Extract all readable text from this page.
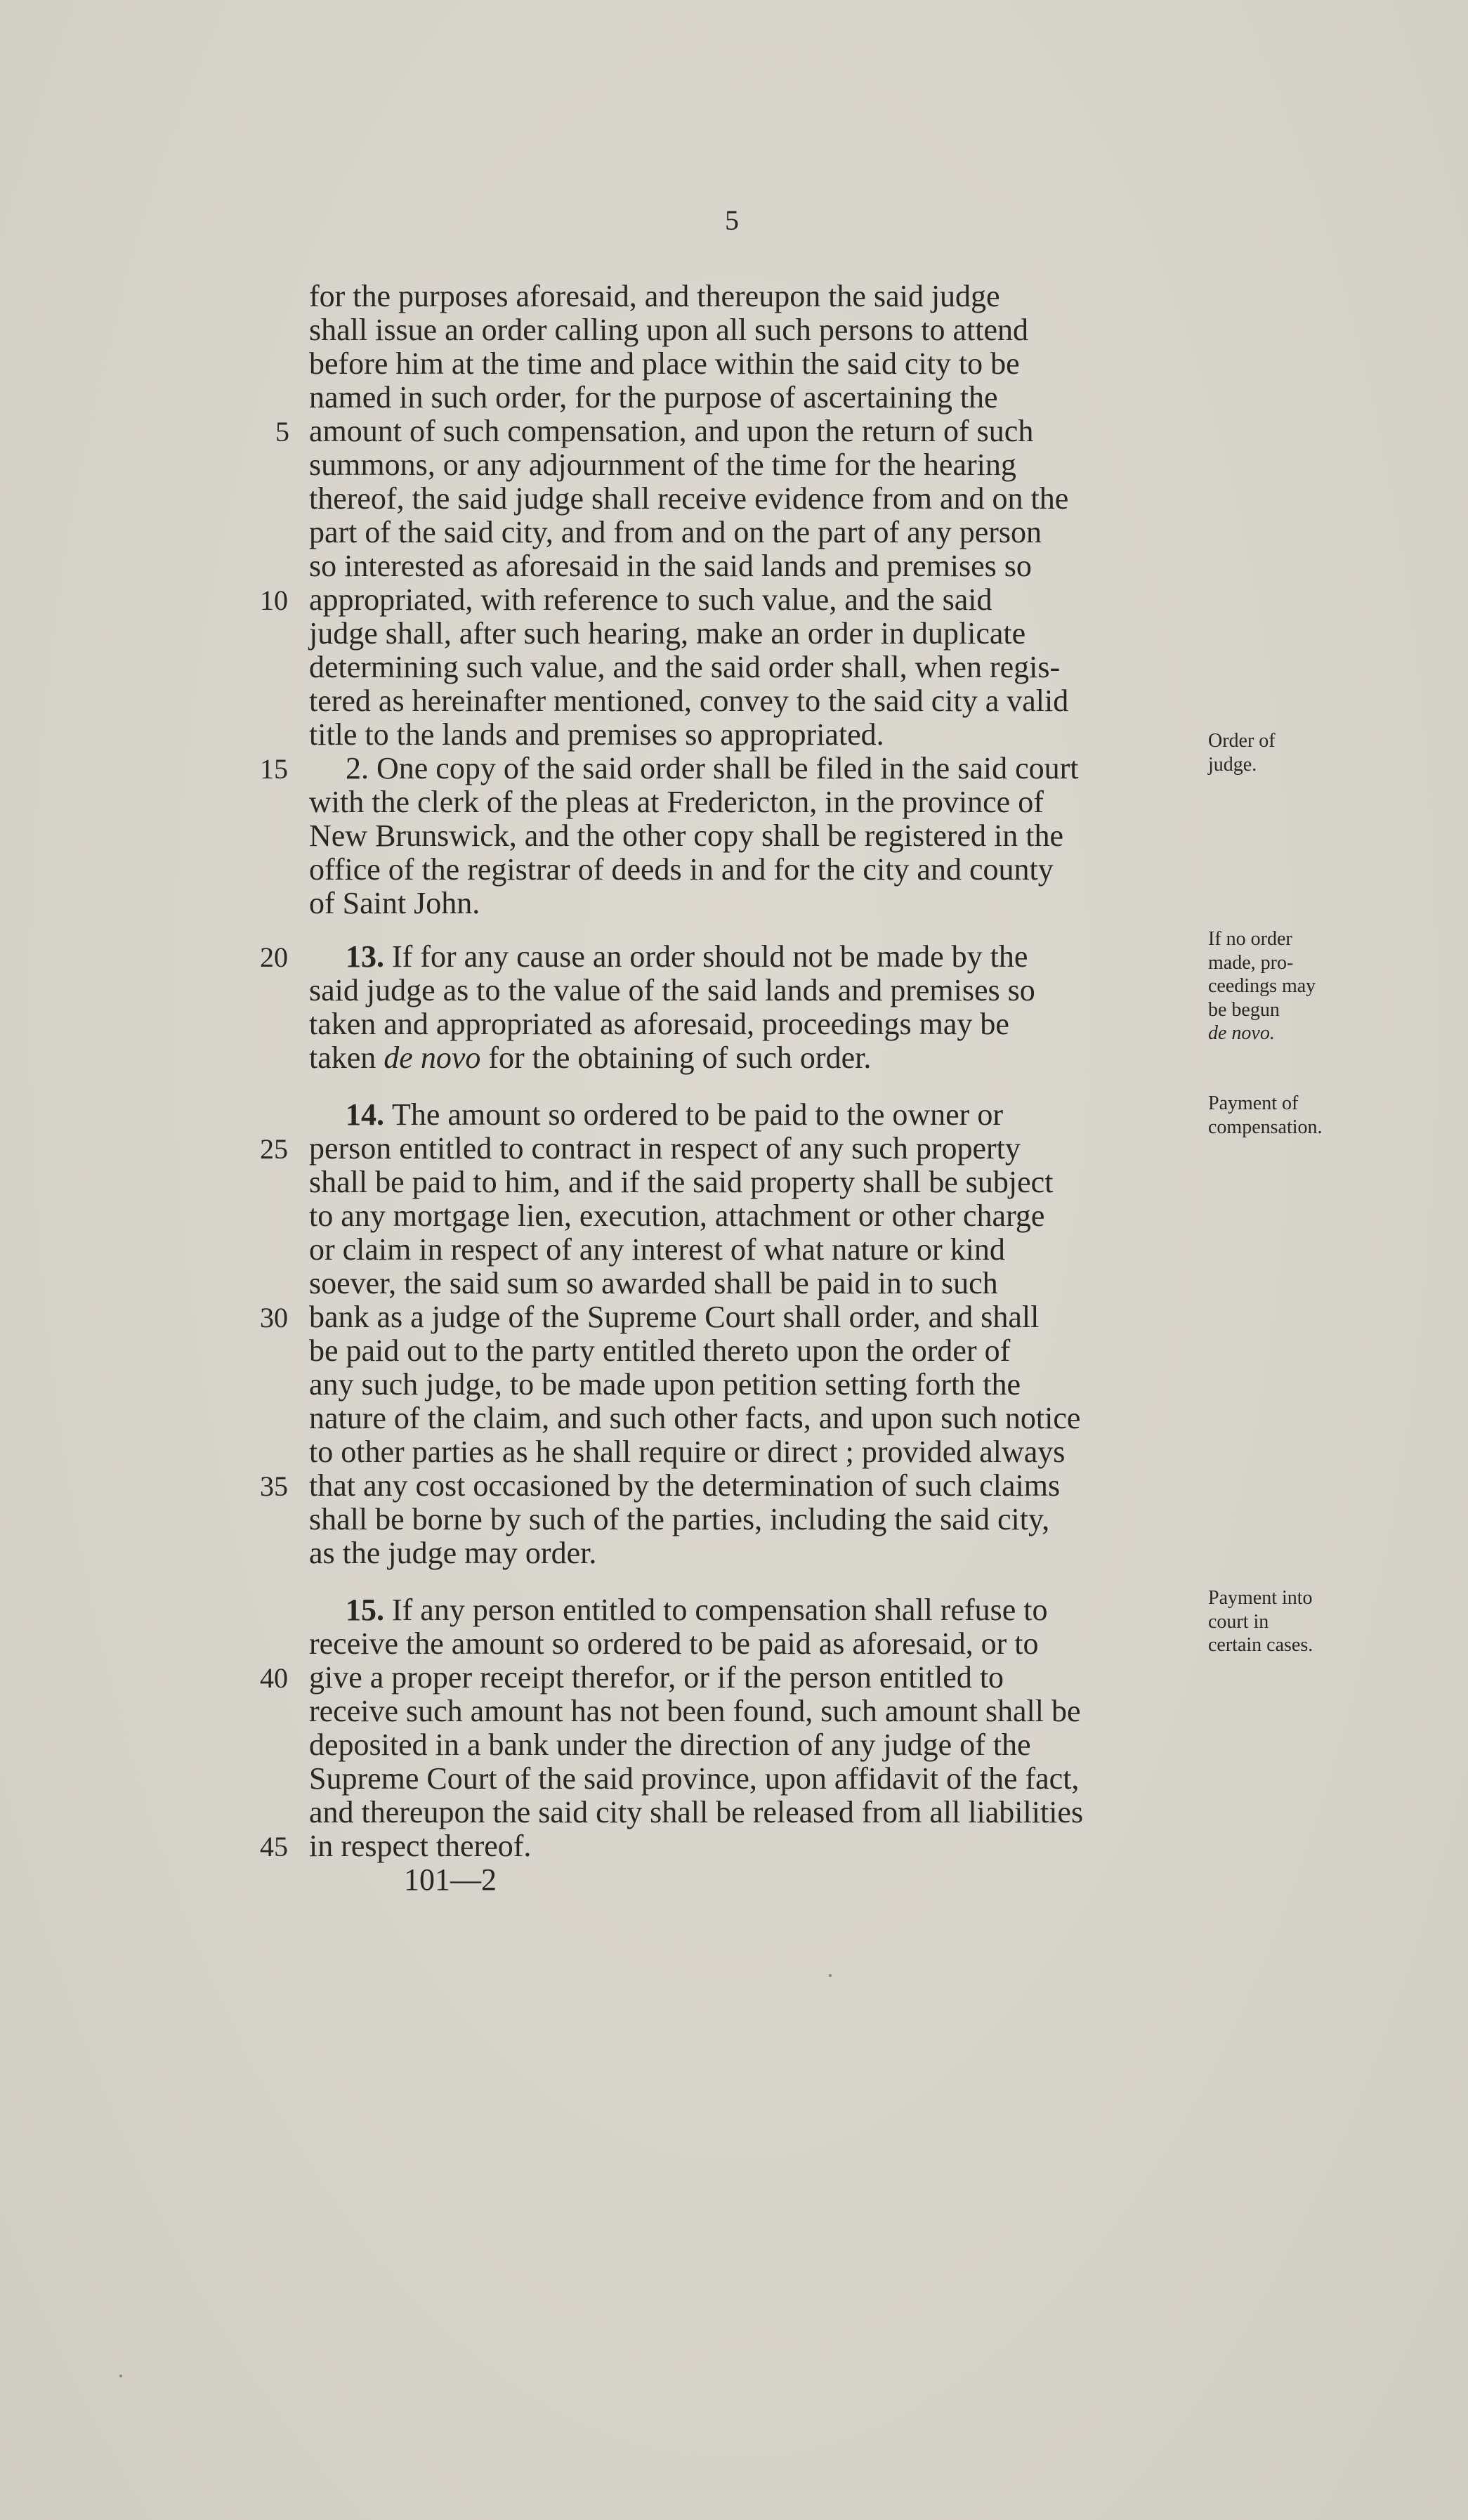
5
for the purposes aforesaid, and thereupon the said judge
shall issue an order calling upon all such persons to attend
before him at the time and place within the said city to be
named in such order, for the purpose of ascertaining the
amount of such compensation, and upon the return of such
5
summons, or any adjournment of the time for the hearing
thereof, the said judge shall receive evidence from and on the
part of the said city, and from and on the part of any person
so interested as aforesaid in the said lands and premises so
appropriated, with reference to such value, and the said
10
judge shall, after such hearing, make an order in duplicate
determining such value, and the said order shall, when regis-
tered as hereinafter mentioned, convey to the said city a valid
title to the lands and premises so appropriated.
2. One copy of the said order shall be filed in the said court
15
with the clerk of the pleas at Fredericton, in the province of
New Brunswick, and the other copy shall be registered in the
office of the registrar of deeds in and for the city and county
of Saint John.
13. If for any cause an order should not be made by the
20
said judge as to the value of the said lands and premises so
taken and appropriated as aforesaid, proceedings may be
taken de novo for the obtaining of such order.
14. The amount so ordered to be paid to the owner or
person entitled to contract in respect of any such property
25
shall be paid to him, and if the said property shall be subject
to any mortgage lien, execution, attachment or other charge
or claim in respect of any interest of what nature or kind
soever, the said sum so awarded shall be paid in to such
bank as a judge of the Supreme Court shall order, and shall
30
be paid out to the party entitled thereto upon the order of
any such judge, to be made upon petition setting forth the
nature of the claim, and such other facts, and upon such notice
to other parties as he shall require or direct ; provided always
that any cost occasioned by the determination of such claims
35
shall be borne by such of the parties, including the said city,
as the judge may order.
15. If any person entitled to compensation shall refuse to
receive the amount so ordered to be paid as aforesaid, or to
give a proper receipt therefor, or if the person entitled to
40
receive such amount has not been found, such amount shall be
deposited in a bank under the direction of any judge of the
Supreme Court of the said province, upon affidavit of the fact,
and thereupon the said city shall be released from all liabilities
in respect thereof.
45
101—2
Order of
judge.
If no order
made, pro-
ceedings may
be begun
de novo.
Payment of
compensation.
Payment into
court in
certain cases.
